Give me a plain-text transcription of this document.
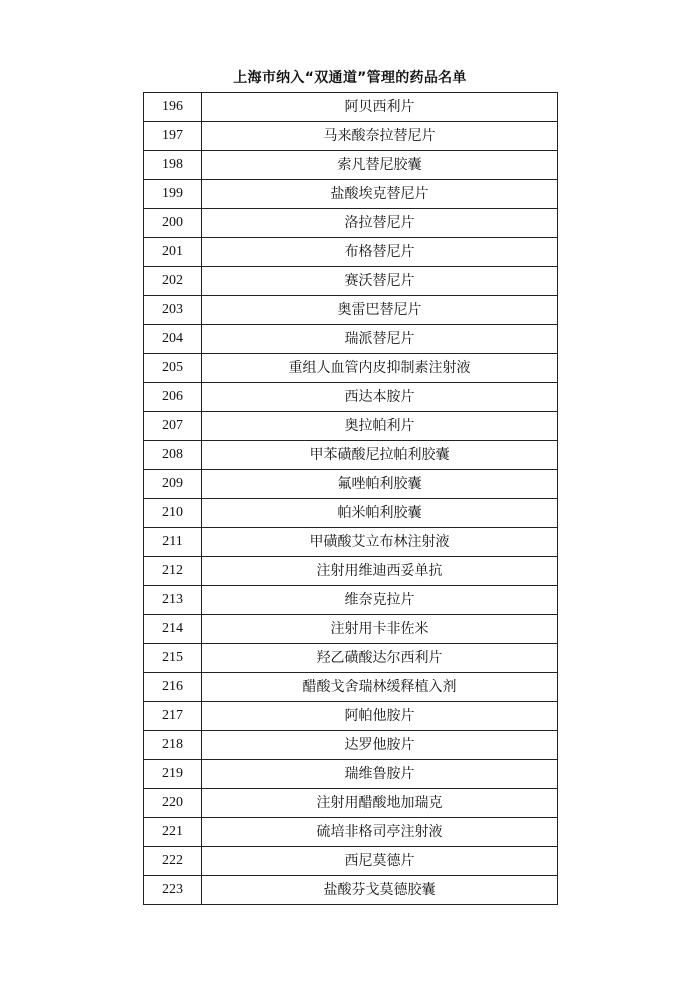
上海市纳入“双通道”管理的药品名单
196	阿贝西利片
197	马来酸奈拉替尼片
198	索凡替尼胶囊
199	盐酸埃克替尼片
200	洛拉替尼片
201	布格替尼片
202	赛沃替尼片
203	奥雷巴替尼片
204	瑞派替尼片
205	重组人血管内皮抑制素注射液
206	西达本胺片
207	奥拉帕利片
208	甲苯磺酸尼拉帕利胶囊
209	氟唑帕利胶囊
210	帕米帕利胶囊
211	甲磺酸艾立布林注射液
212	注射用维迪西妥单抗
213	维奈克拉片
214	注射用卡非佐米
215	羟乙磺酸达尔西利片
216	醋酸戈舍瑞林缓释植入剂
217	阿帕他胺片
218	达罗他胺片
219	瑞维鲁胺片
220	注射用醋酸地加瑞克
221	硫培非格司亭注射液
222	西尼莫德片
223	盐酸芬戈莫德胶囊
